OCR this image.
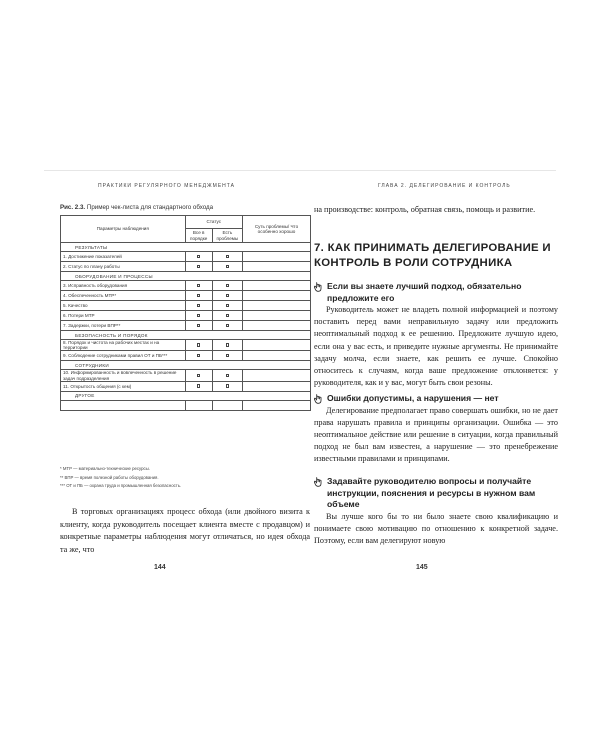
ПРАКТИКИ РЕГУЛЯРНОГО МЕНЕДЖМЕНТА
Рис. 2.3. Пример чек-листа для стандартного обхода
Параметры наблюдения	Статус		Суть проблемы/ Что особенно хорошо
	Все в порядке	Есть проблемы	
РЕЗУЛЬТАТЫ			
1. Достижение показателей			
2. Статус по плану работы			
ОБОРУДОВАНИЕ И ПРОЦЕССЫ			
3. Исправность оборудования			
4. Обеспеченность МТР*			
5. Качество			
6. Потери МТР			
7. Задержки, потери ВПР**			
БЕЗОПАСНОСТЬ И ПОРЯДОК			
8. Порядок и чистота на рабочих местах и на территории			
9. Соблюдение сотрудниками правил ОТ и ПБ***			
СОТРУДНИКИ			
10. Информированность и вовлеченность в решение задач подразделения			
11. Открытость общения (с кем)			
ДРУГОЕ			

* МТР — материально-технические ресурсы.
** ВПР — время полезной работы оборудования.
*** ОТ и ПБ — охрана труда и промышленная безопасность.
В торговых организациях процесс обхода (или двойного визита к клиенту, когда руководитель посещает клиента вместе с продавцом) и конкретные параметры наблюдения могут отличаться, но идея обхода та же, что
144
ГЛАВА 2. ДЕЛЕГИРОВАНИЕ И КОНТРОЛЬ
на производстве: контроль, обратная связь, помощь и развитие.
7. КАК ПРИНИМАТЬ ДЕЛЕГИРОВАНИЕ И КОНТРОЛЬ В РОЛИ СОТРУДНИКА
Если вы знаете лучший подход, обязательно предложите его
Руководитель может не владеть полной информацией и поэтому поставить перед вами неправильную задачу или предложить неоптимальный подход к ее решению. Предложите лучшую идею, если она у вас есть, и приведите нужные аргументы. Не принимайте задачу молча, если знаете, как решить ее лучше. Спокойно относитесь к случаям, когда ваше предложение отклоняется: у руководителя, как и у вас, могут быть свои резоны.
Ошибки допустимы, а нарушения — нет
Делегирование предполагает право совершать ошибки, но не дает права нарушать правила и принципы организации. Ошибка — это неоптимальное действие или решение в ситуации, когда правильный подход не был вам известен, а нарушение — это пренебрежение известными правилами и принципами.
Задавайте руководителю вопросы и получайте инструкции, пояснения и ресурсы в нужном вам объеме
Вы лучше кого бы то ни было знаете свою квалификацию и понимаете свою мотивацию по отношению к конкретной задаче. Поэтому, если вам делегируют новую
145
